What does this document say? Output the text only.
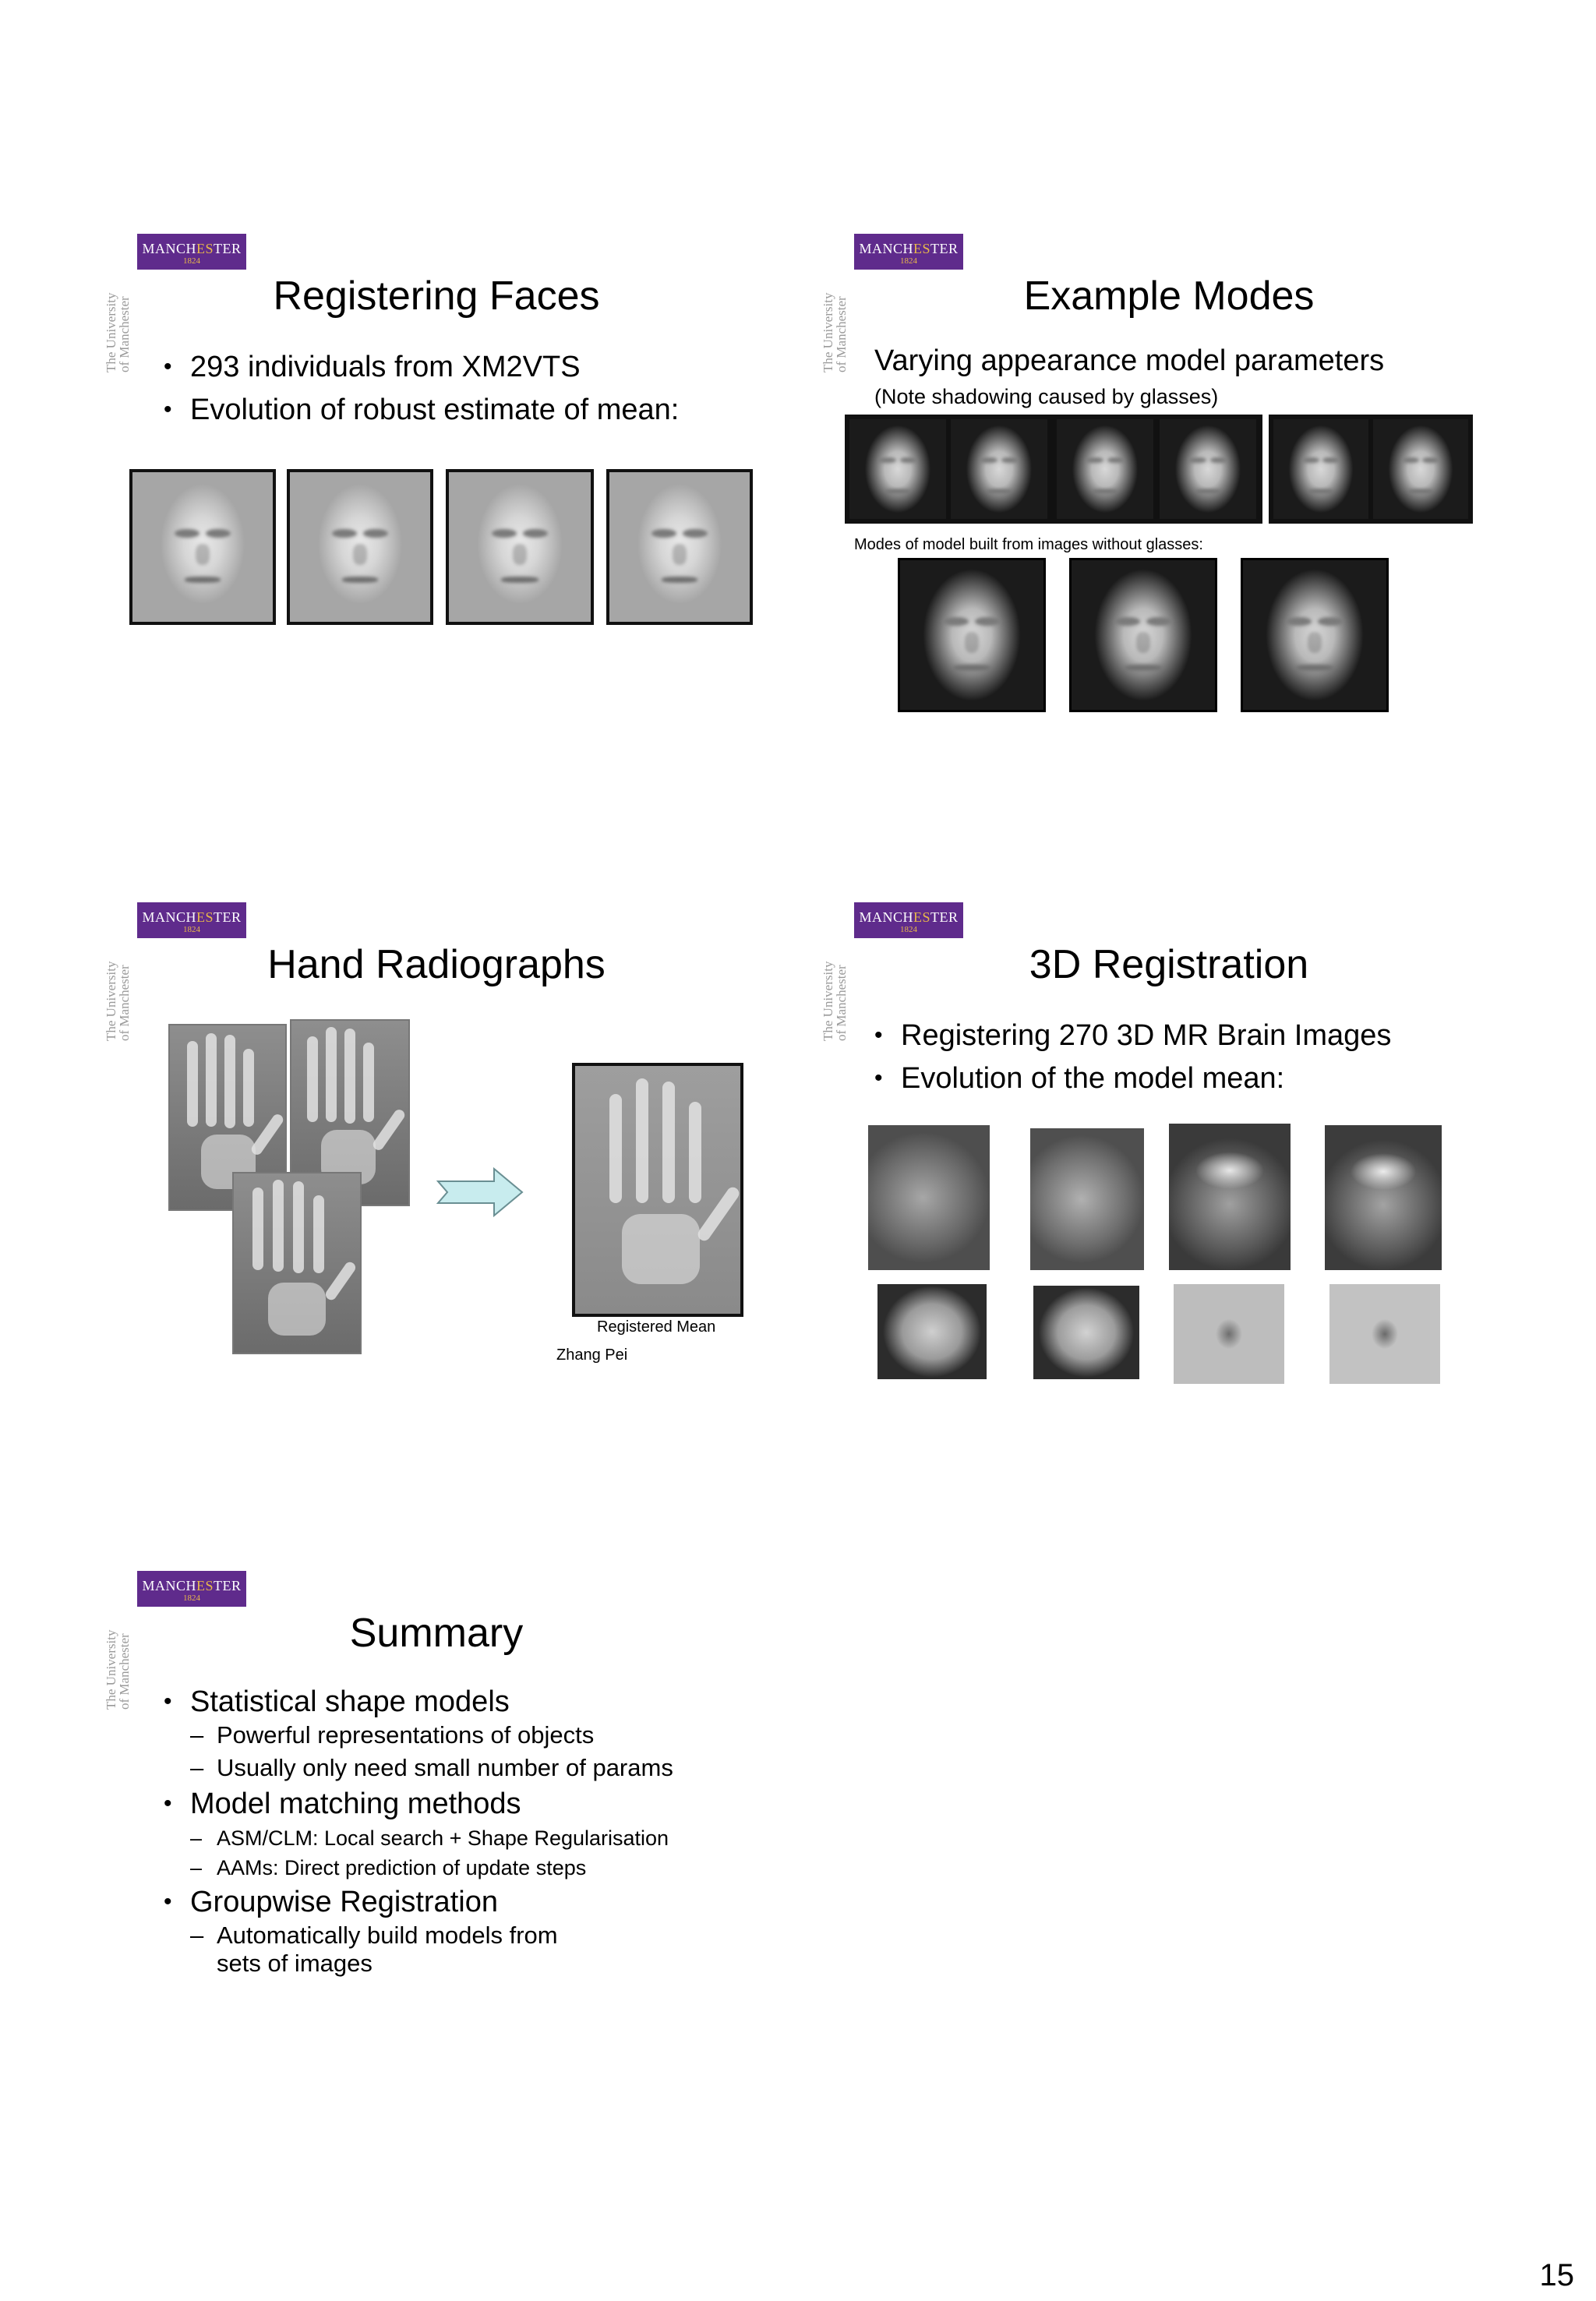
MANCHESTER
1824
The University
of Manchester
Registering Faces
• 293 individuals from XM2VTS
• Evolution of robust estimate of mean:
MANCHESTER
1824
The University
of Manchester
Example Modes
Varying appearance model parameters
(Note shadowing caused by glasses)
Modes of model built from images without glasses:
MANCHESTER
1824
The University
of Manchester
Hand Radiographs
Registered Mean
Zhang Pei
MANCHESTER
1824
The University
of Manchester
3D Registration
• Registering 270 3D MR Brain Images
• Evolution of the model mean:
MANCHESTER
1824
The University
of Manchester
Summary
• Statistical shape models
– Powerful representations of objects
– Usually only need small number of params
• Model matching methods
– ASM/CLM: Local search + Shape Regularisation
– AAMs: Direct prediction of update steps
• Groupwise Registration
– Automatically build models from sets of images
15
